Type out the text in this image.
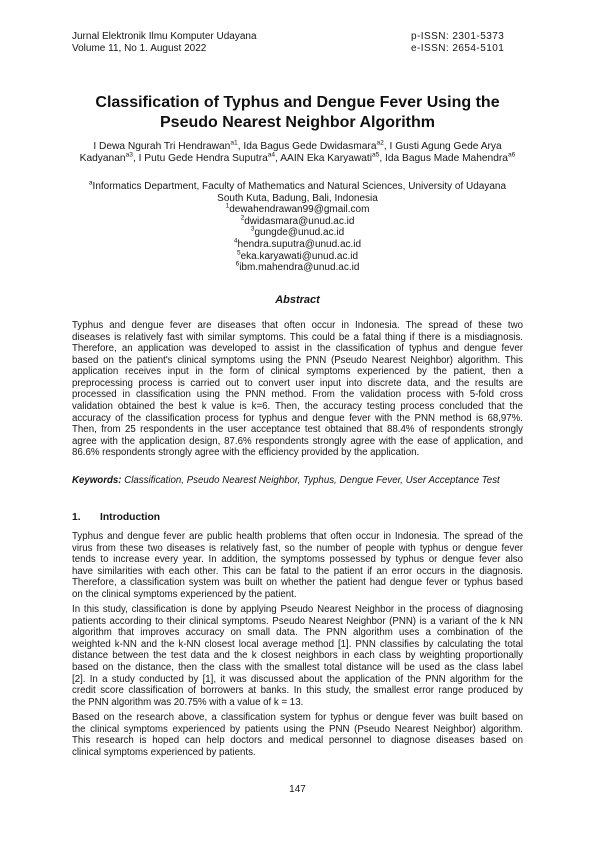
Jurnal Elektronik Ilmu Komputer Udayana
Volume 11, No 1. August 2022
p-ISSN: 2301-5373
e-ISSN: 2654-5101
Classification of Typhus and Dengue Fever Using the Pseudo Nearest Neighbor Algorithm
I Dewa Ngurah Tri Hendrawan$^{a1}$, Ida Bagus Gede Dwidasmara$^{a2}$, I Gusti Agung Gede Arya Kadyanan$^{a3}$, I Putu Gede Hendra Suputra$^{a4}$, AAIN Eka Karyawati$^{a5}$, Ida Bagus Made Mahendra$^{a6}$
$^a$Informatics Department, Faculty of Mathematics and Natural Sciences, University of Udayana
South Kuta, Badung, Bali, Indonesia
$^1$dewahendrawan99@gmail.com
$^2$dwidasmara@unud.ac.id
$^3$gungde@unud.ac.id
$^4$hendra.suputra@unud.ac.id
$^5$eka.karyawati@unud.ac.id
$^6$ibm.mahendra@unud.ac.id
Abstract
Typhus and dengue fever are diseases that often occur in Indonesia. The spread of these two
diseases is relatively fast with similar symptoms. This could be a fatal thing if there is a misdiagnosis.
Therefore, an application was developed to assist in the classification of typhus and dengue fever
based on the patient's clinical symptoms using the PNN (Pseudo Nearest Neighbor) algorithm. This
application receives input in the form of clinical symptoms experienced by the patient, then a
preprocessing process is carried out to convert user input into discrete data, and the results are
processed in classification using the PNN method. From the validation process with 5-fold cross
validation obtained the best k value is k=6. Then, the accuracy testing process concluded that the
accuracy of the classification process for typhus and dengue fever with the PNN method is 68,97%.
Then, from 25 respondents in the user acceptance test obtained that 88.4% of respondents strongly
agree with the application design, 87.6% respondents strongly agree with the ease of application, and
86.6% respondents strongly agree with the efficiency provided by the application.
Keywords: Classification, Pseudo Nearest Neighbor, Typhus, Dengue Fever, User Acceptance Test
1. Introduction
Typhus and dengue fever are public health problems that often occur in Indonesia. The spread of the
virus from these two diseases is relatively fast, so the number of people with typhus or dengue fever
tends to increase every year. In addition, the symptoms possessed by typhus or dengue fever also
have similarities with each other. This can be fatal to the patient if an error occurs in the diagnosis.
Therefore, a classification system was built on whether the patient had dengue fever or typhus based
on the clinical symptoms experienced by the patient.
In this study, classification is done by applying Pseudo Nearest Neighbor in the process of diagnosing
patients according to their clinical symptoms. Pseudo Nearest Neighbor (PNN) is a variant of the k NN
algorithm that improves accuracy on small data. The PNN algorithm uses a combination of the
weighted k-NN and the k-NN closest local average method [1]. PNN classifies by calculating the total
distance between the test data and the k closest neighbors in each class by weighting proportionally
based on the distance, then the class with the smallest total distance will be used as the class label
[2]. In a study conducted by [1], it was discussed about the application of the PNN algorithm for the
credit score classification of borrowers at banks. In this study, the smallest error range produced by
the PNN algorithm was 20.75% with a value of k = 13.
Based on the research above, a classification system for typhus or dengue fever was built based on
the clinical symptoms experienced by patients using the PNN (Pseudo Nearest Neighbor) algorithm.
This research is hoped can help doctors and medical personnel to diagnose diseases based on
clinical symptoms experienced by patients.
147
